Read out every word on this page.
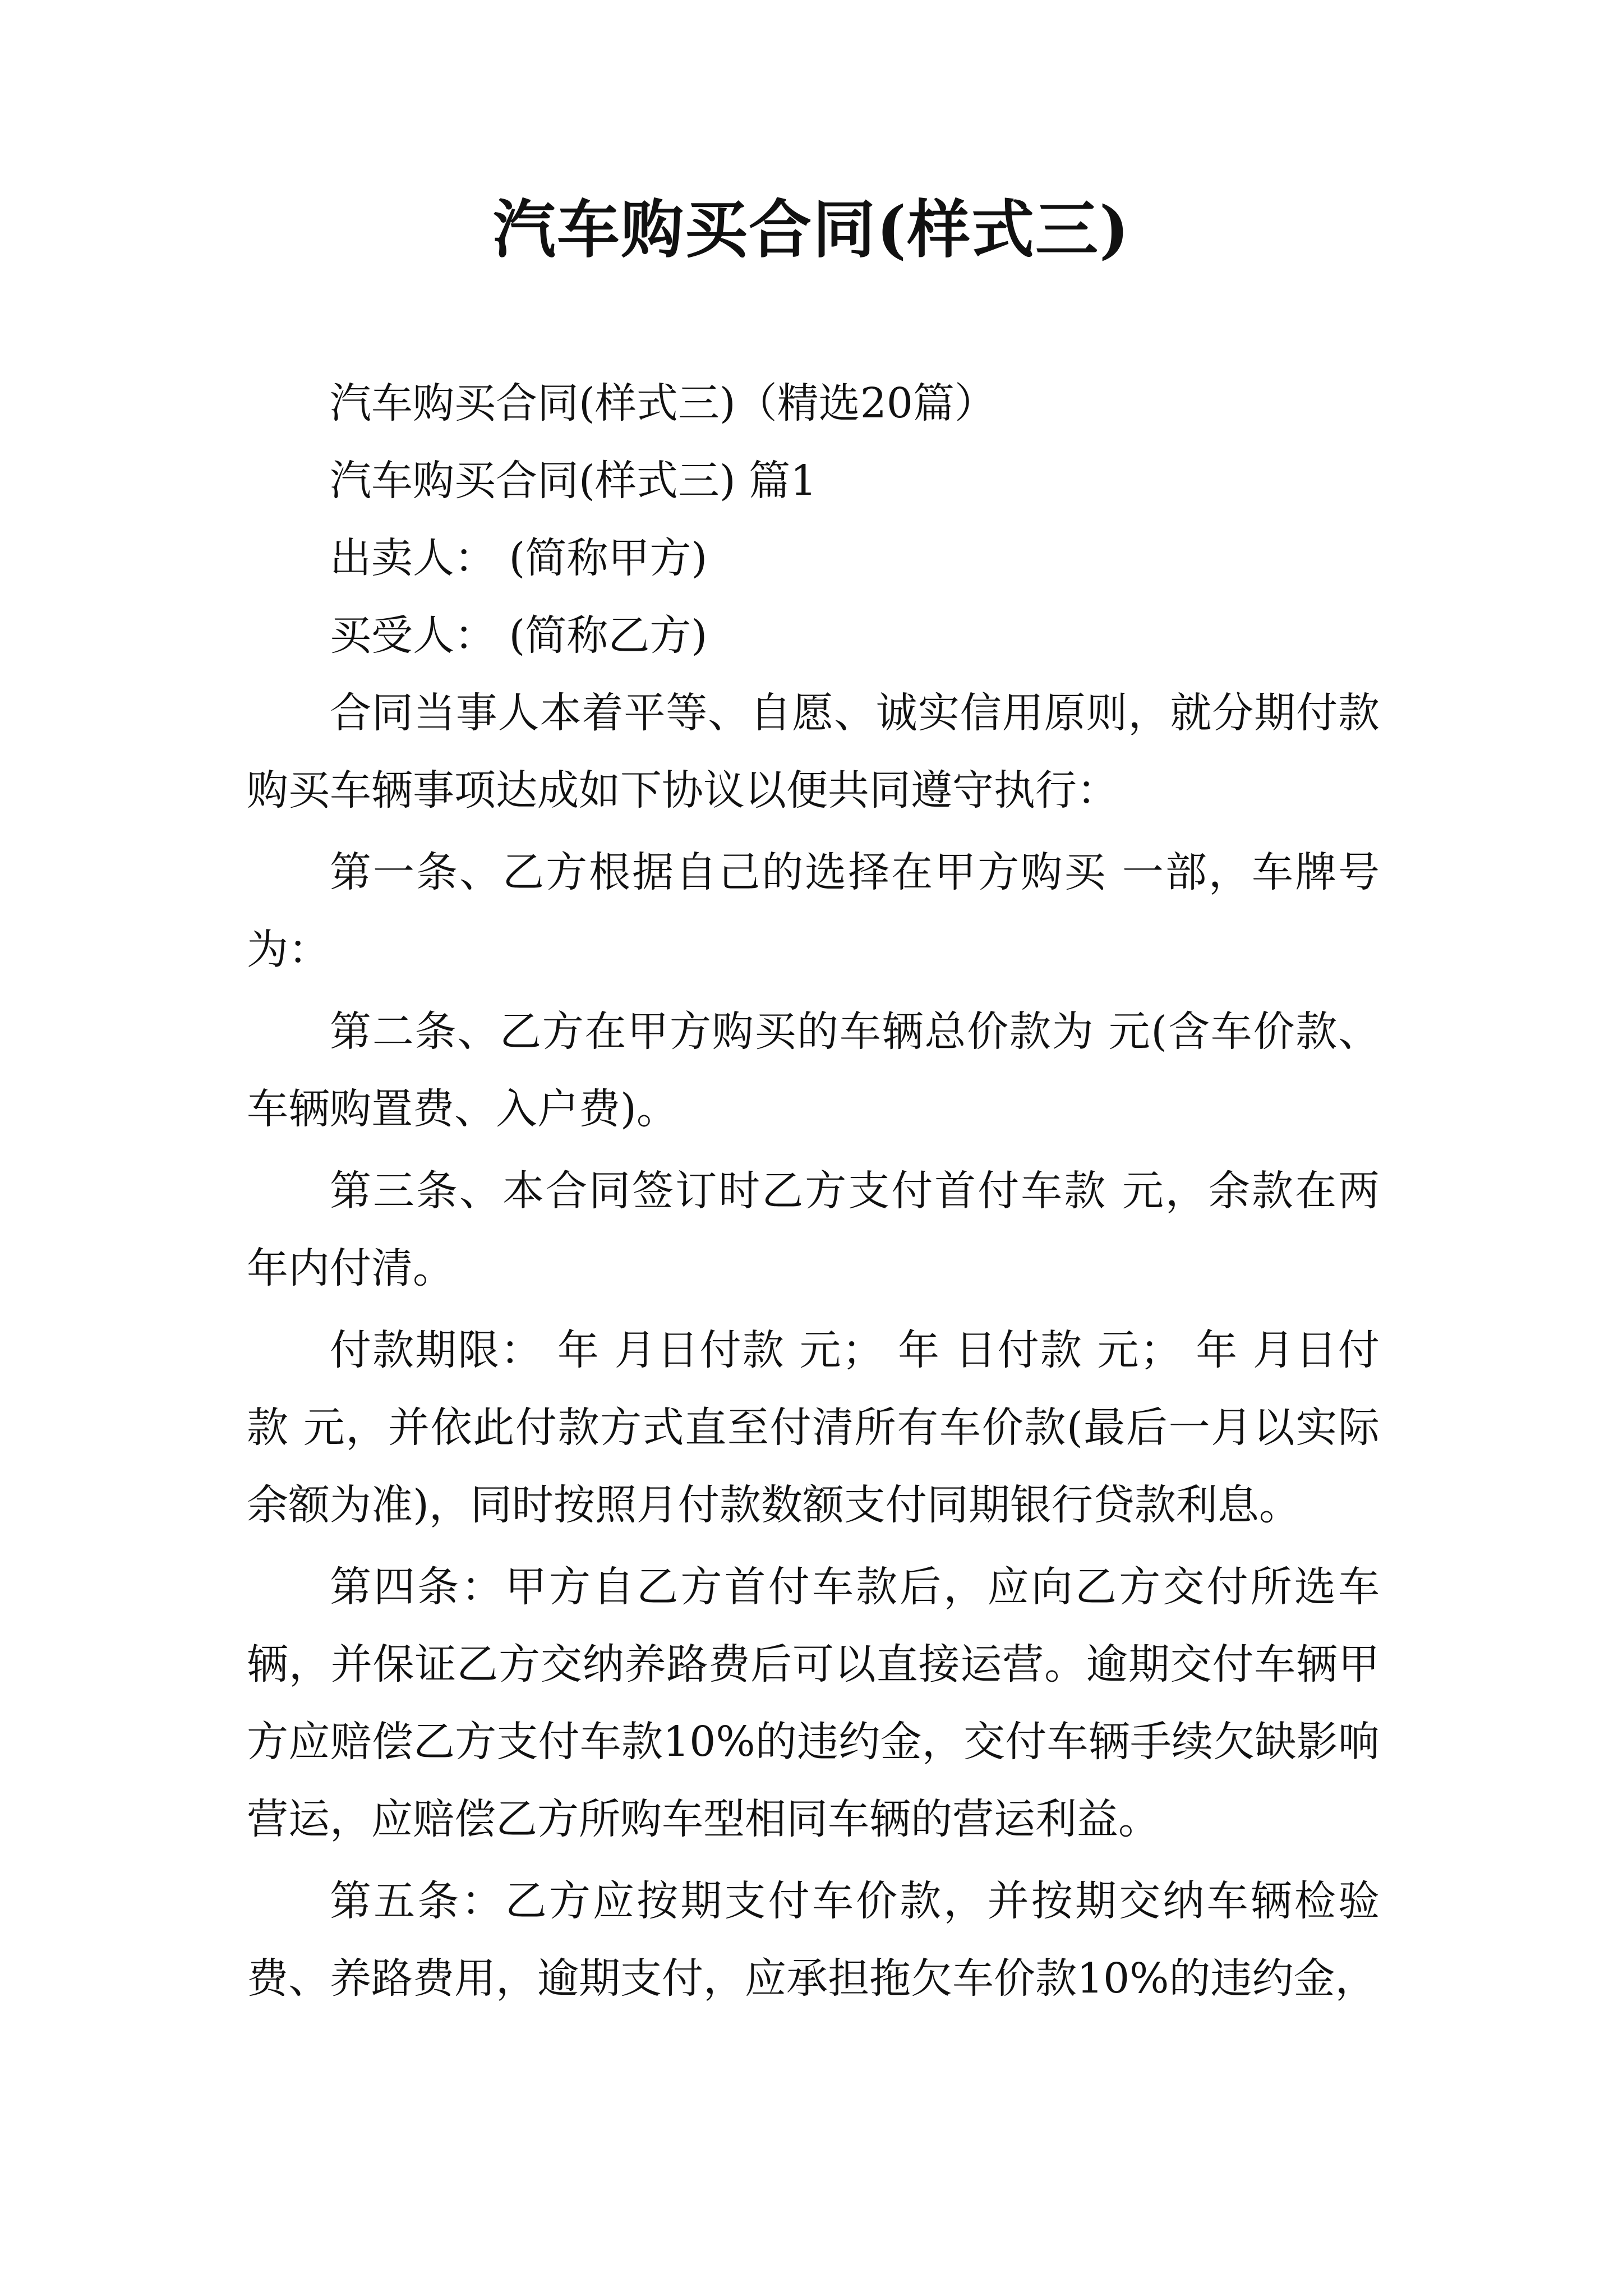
汽车购买合同(样式三)

汽车购买合同(样式三)（精选20篇）

汽车购买合同(样式三) 篇1

出卖人： (简称甲方)

买受人： (简称乙方)

合同当事人本着平等、自愿、诚实信用原则，就分期付款购买车辆事项达成如下协议以便共同遵守执行：

第一条、乙方根据自己的选择在甲方购买 一部，车牌号为：

第二条、乙方在甲方购买的车辆总价款为 元(含车价款、车辆购置费、入户费)。

第三条、本合同签订时乙方支付首付车款 元，余款在两年内付清。

付款期限： 年 月日付款 元； 年 日付款 元； 年 月日付款 元，并依此付款方式直至付清所有车价款(最后一月以实际余额为准)，同时按照月付款数额支付同期银行贷款利息。

第四条：甲方自乙方首付车款后，应向乙方交付所选车辆，并保证乙方交纳养路费后可以直接运营。逾期交付车辆甲方应赔偿乙方支付车款10%的违约金，交付车辆手续欠缺影响营运，应赔偿乙方所购车型相同车辆的营运利益。

第五条：乙方应按期支付车价款，并按期交纳车辆检验费、养路费用，逾期支付，应承担拖欠车价款10%的违约金，
